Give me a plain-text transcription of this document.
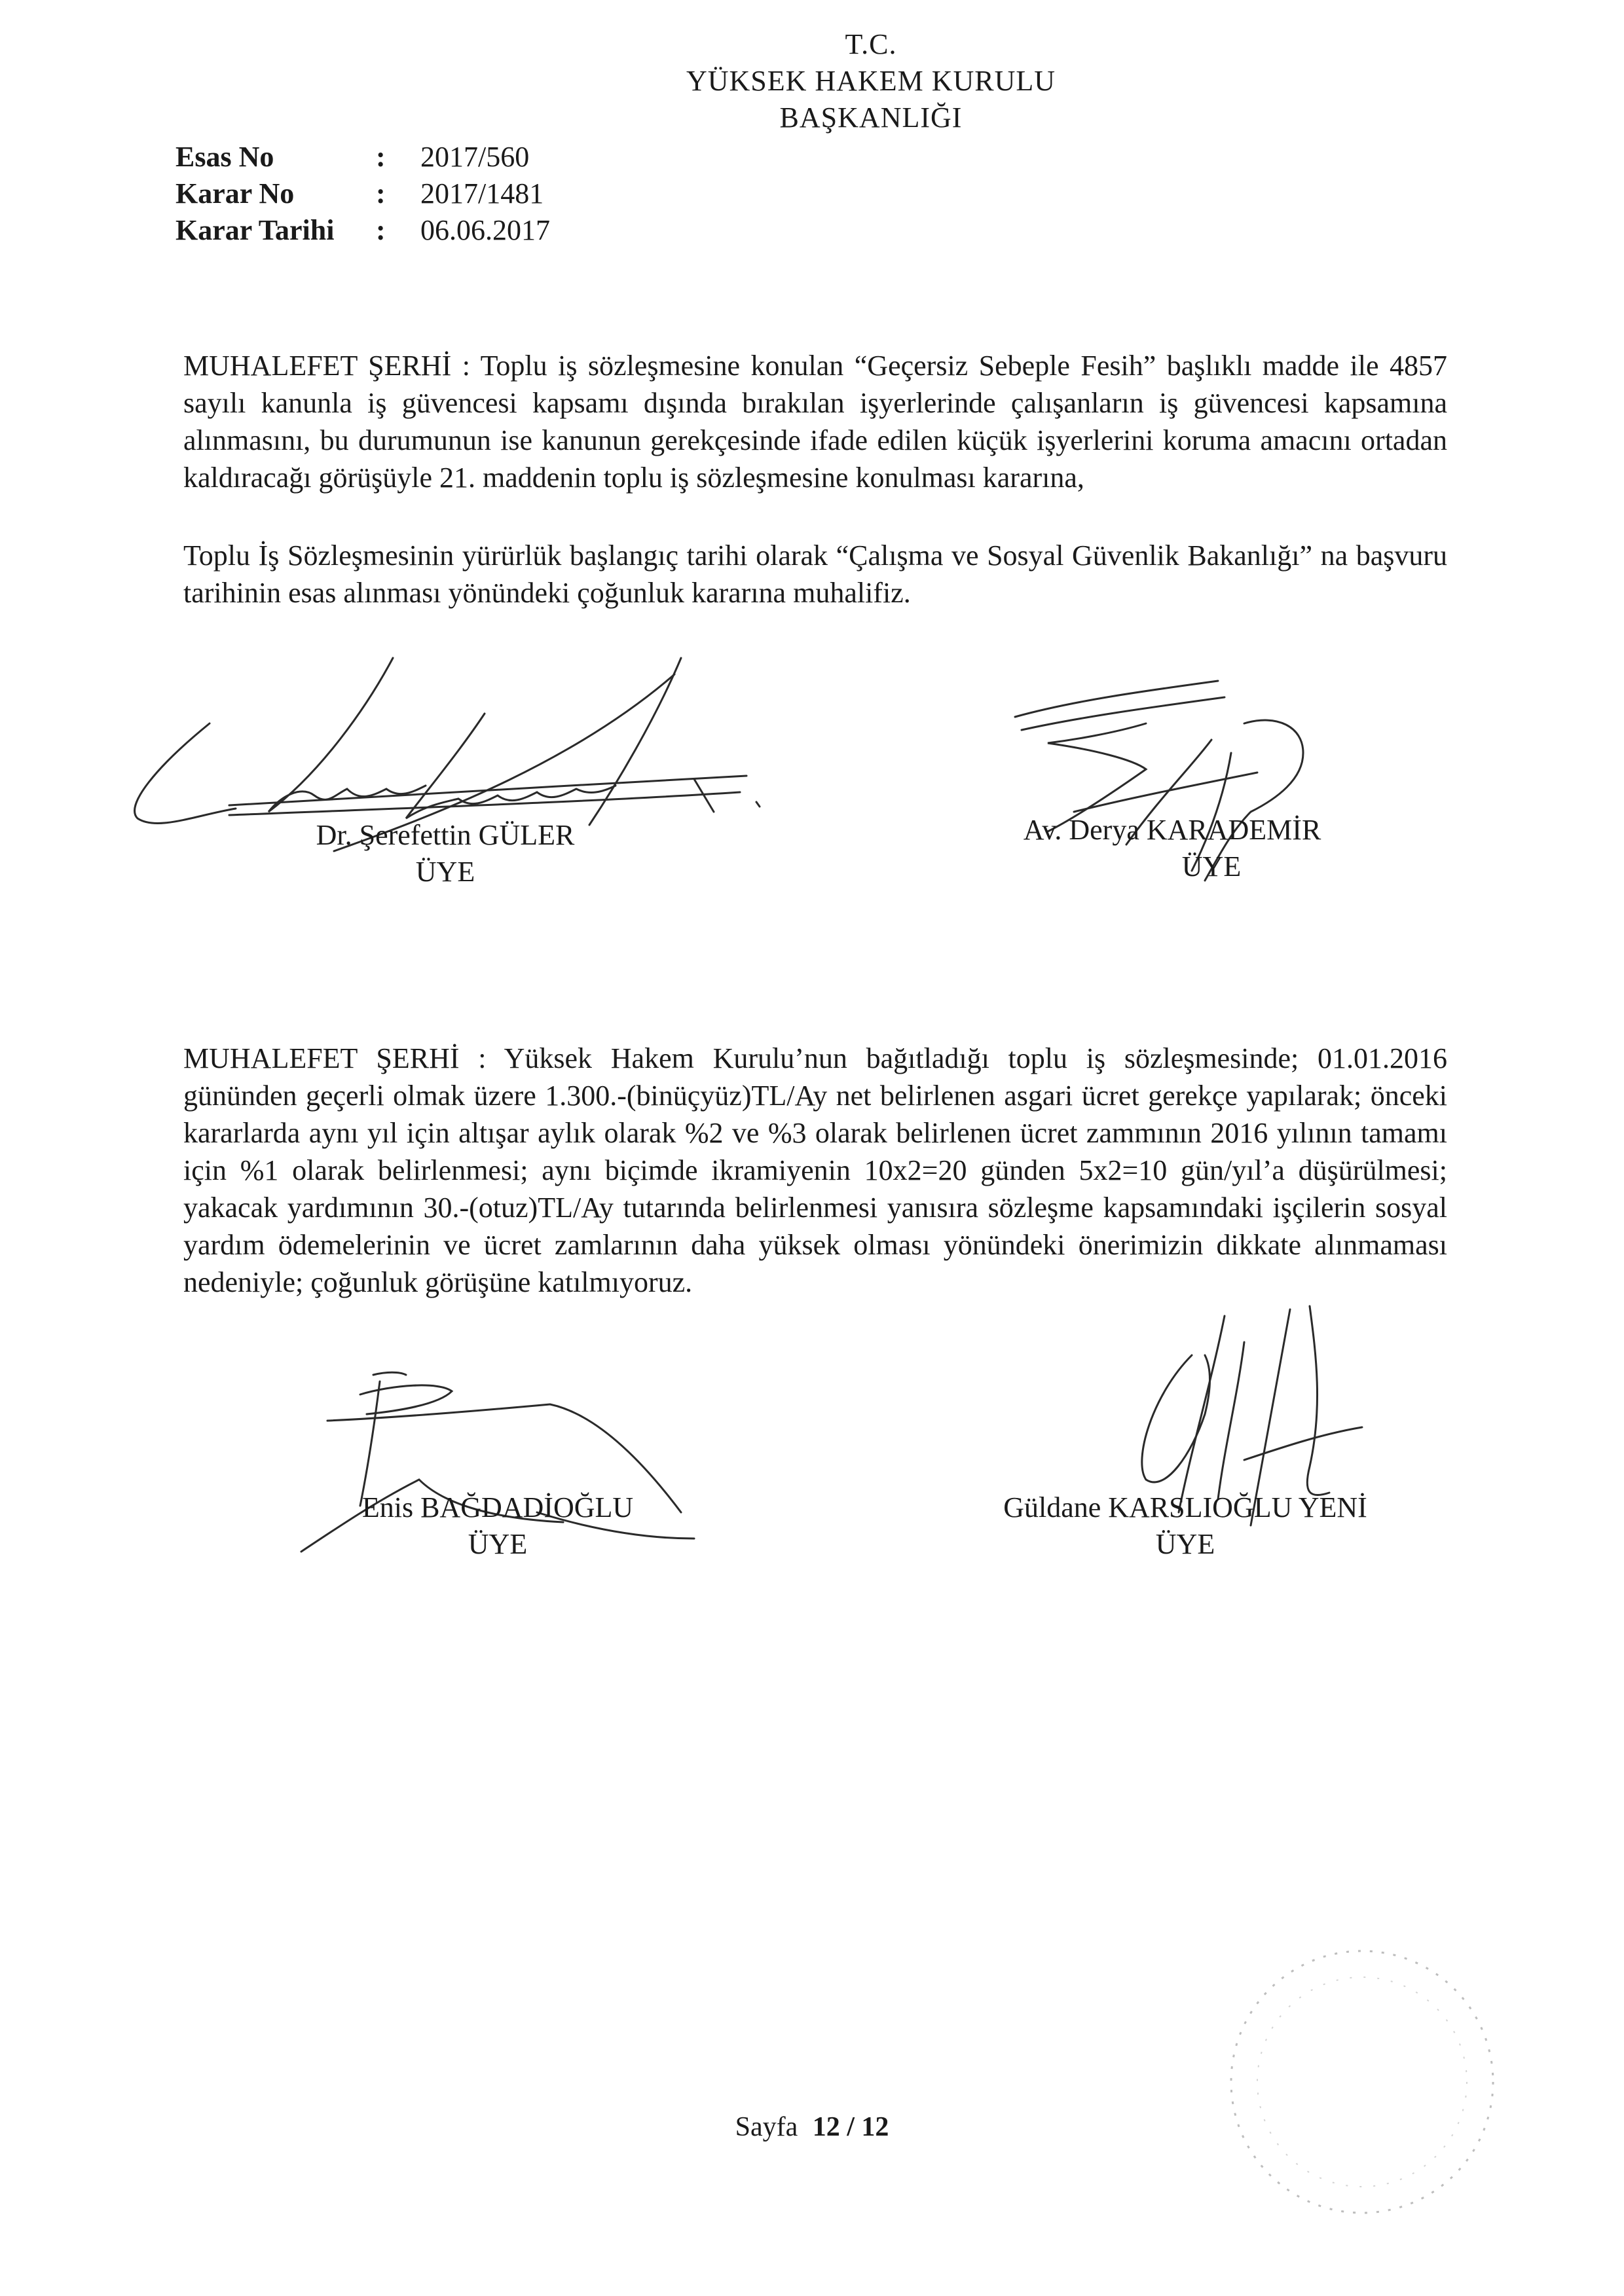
T.C.
YÜKSEK HAKEM KURULU
BAŞKANLIĞI
Esas No	:	2017/560
Karar No	:	2017/1481
Karar Tarihi	:	06.06.2017

MUHALEFET ŞERHİ : Toplu iş sözleşmesine konulan “Geçersiz Sebeple Fesih” başlıklı madde ile 4857 sayılı kanunla iş güvencesi kapsamı dışında bırakılan işyerlerinde çalışanların iş güvencesi kapsamına alınmasını, bu durumunun ise kanunun gerekçesinde ifade edilen küçük işyerlerini koruma amacını ortadan kaldıracağı görüşüyle 21. maddenin toplu iş sözleşmesine konulması kararına,

Toplu İş Sözleşmesinin yürürlük başlangıç tarihi olarak “Çalışma ve Sosyal Güvenlik Bakanlığı” na başvuru tarihinin esas alınması yönündeki çoğunluk kararına muhalifiz.

Dr. Şerefettin GÜLER
ÜYE
Av. Derya KARADEMİR
ÜYE

MUHALEFET ŞERHİ : Yüksek Hakem Kurulu’nun bağıtladığı toplu iş sözleşmesinde; 01.01.2016 gününden geçerli olmak üzere 1.300.-(binüçyüz)TL/Ay net belirlenen asgari ücret gerekçe yapılarak; önceki kararlarda aynı yıl için altışar aylık olarak %2 ve %3 olarak belirlenen ücret zammının 2016 yılının tamamı için %1 olarak belirlenmesi; aynı biçimde ikramiyenin 10x2=20 günden 5x2=10 gün/yıl’a düşürülmesi; yakacak yardımının 30.-(otuz)TL/Ay tutarında belirlenmesi yanısıra sözleşme kapsamındaki işçilerin sosyal yardım ödemelerinin ve ücret zamlarının daha yüksek olması yönündeki önerimizin dikkate alınmaması nedeniyle; çoğunluk görüşüne katılmıyoruz.

Enis BAĞDADİOĞLU
ÜYE
Güldane KARSLIOĞLU YENİ
ÜYE
Sayfa 12 / 12
